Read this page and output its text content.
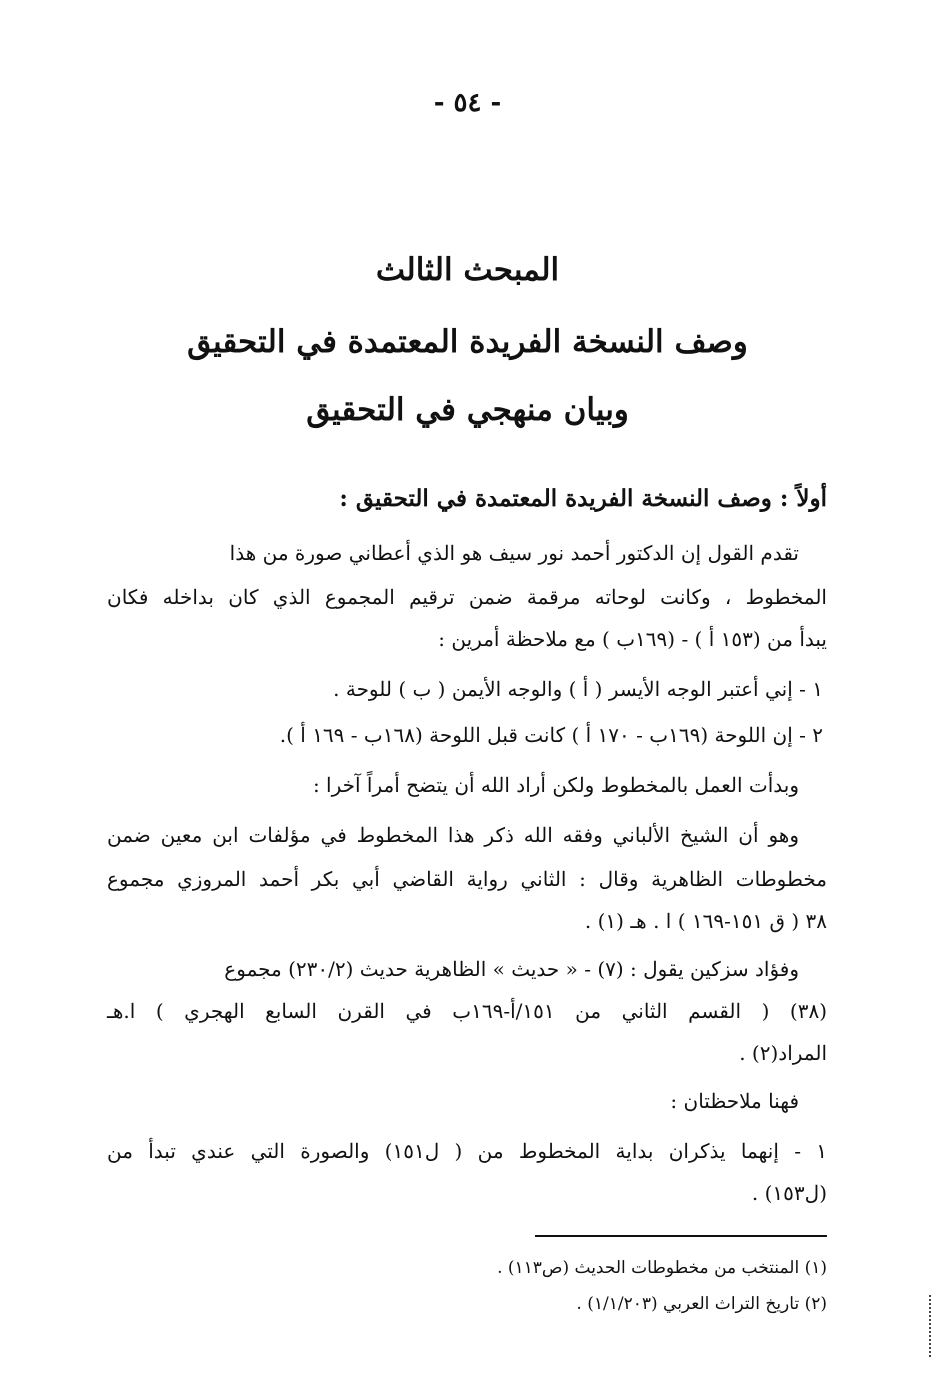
- ٥٤ -
المبحث الثالث
وصف النسخة الفريدة المعتمدة في التحقيق
وبيان منهجي في التحقيق
أولاً : وصف النسخة الفريدة المعتمدة في التحقيق :
تقدم القول إن الدكتور أحمد نور سيف هو الذي أعطاني صورة من هذا
المخطوط ، وكانت لوحاته مرقمة ضمن ترقيم المجموع الذي كان بداخله فكان
يبدأ من (١٥٣ أ ) - (١٦٩ب ) مع ملاحظة أمرين :
١ - إني أعتبر الوجه الأيسر ( أ ) والوجه الأيمن ( ب ) للوحة .
٢ - إن اللوحة (١٦٩ب - ١٧٠ أ ) كانت قبل اللوحة (١٦٨ب - ١٦٩ أ ).
وبدأت العمل بالمخطوط ولكن أراد الله أن يتضح أمراً آخرا :
وهو أن الشيخ الألباني وفقه الله ذكر هذا المخطوط في مؤلفات ابن معين ضمن
مخطوطات الظاهرية وقال : الثاني رواية القاضي أبي بكر أحمد المروزي مجموع
٣٨ ( ق ١٥١-١٦٩ ) ا . هـ (١) .
وفؤاد سزكين يقول : (٧) - « حديث » الظاهرية حديث (٢٣٠/٢) مجموع
(٣٨) ( القسم الثاني من ١٥١/أ-١٦٩ب في القرن السابع الهجري ) ا.هـ
المراد(٢) .
فهنا ملاحظتان :
١ - إنهما يذكران بداية المخطوط من ( ل١٥١) والصورة التي عندي تبدأ من
(ل١٥٣) .
(١) المنتخب من مخطوطات الحديث (ص١١٣) .
(٢) تاريخ التراث العربي (١/١/٢٠٣) .
